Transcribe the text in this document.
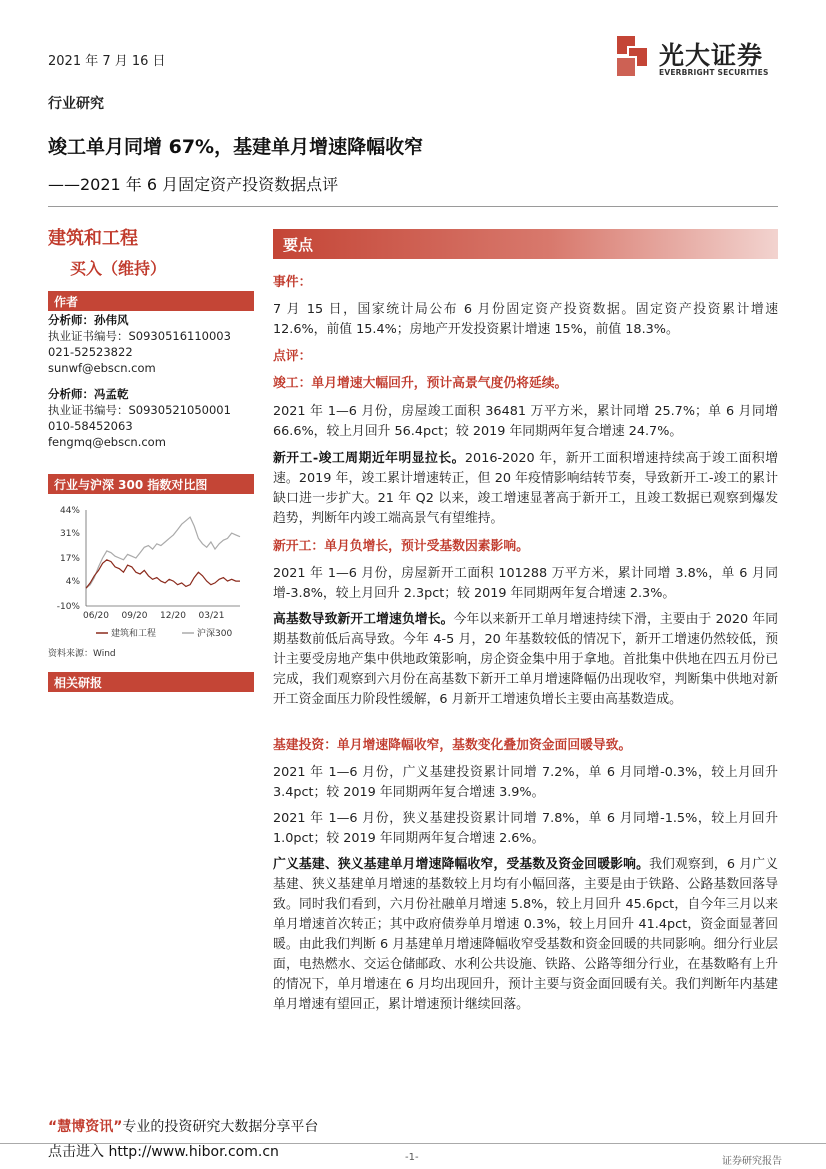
2021 年 7 月 16 日	光大证券
EVERBRIGHT SECURITIES
行业研究
竣工单月同增 67%，基建单月增速降幅收窄
——2021 年 6 月固定资产投资数据点评
建筑和工程
买入（维持）
作者
分析师：孙伟风
执业证书编号：S0930516110003
021-52523822
sunwf@ebscn.com
分析师：冯孟乾
执业证书编号：S0930521050001
010-58452063
fengmq@ebscn.com
行业与沪深 300 指数对比图
44%
31%
17%
4%
-10%
06/20 09/20 12/20 03/21
建筑和工程	沪深300
资料来源：Wind
相关研报
要点
事件：
7 月 15 日，国家统计局公布 6 月份固定资产投资数据。固定资产投资累计增速 12.6%，前值 15.4%；房地产开发投资累计增速 15%，前值 18.3%。
点评：
竣工：单月增速大幅回升，预计高景气度仍将延续。
2021 年 1—6 月份，房屋竣工面积 36481 万平方米，累计同增 25.7%；单 6 月同增 66.6%，较上月回升 56.4pct；较 2019 年同期两年复合增速 24.7%。
新开工-竣工周期近年明显拉长。2016-2020 年，新开工面积增速持续高于竣工面积增速。2019 年，竣工累计增速转正，但 20 年疫情影响结转节奏，导致新开工-竣工的累计缺口进一步扩大。21 年 Q2 以来，竣工增速显著高于新开工，且竣工数据已观察到爆发趋势，判断年内竣工端高景气有望维持。
新开工：单月负增长，预计受基数因素影响。
2021 年 1—6 月份，房屋新开工面积 101288 万平方米，累计同增 3.8%，单 6 月同增-3.8%，较上月回升 2.3pct；较 2019 年同期两年复合增速 2.3%。
高基数导致新开工增速负增长。今年以来新开工单月增速持续下滑，主要由于 2020 年同期基数前低后高导致。今年 4-5 月，20 年基数较低的情况下，新开工增速仍然较低，预计主要受房地产集中供地政策影响，房企资金集中用于拿地。首批集中供地在四五月份已完成，我们观察到六月份在高基数下新开工单月增速降幅仍出现收窄，判断集中供地对新开工资金面压力阶段性缓解，6 月新开工增速负增长主要由高基数造成。
基建投资：单月增速降幅收窄，基数变化叠加资金面回暖导致。
2021 年 1—6 月份，广义基建投资累计同增 7.2%，单 6 月同增-0.3%，较上月回升 3.4pct；较 2019 年同期两年复合增速 3.9%。
2021 年 1—6 月份，狭义基建投资累计同增 7.8%，单 6 月同增-1.5%，较上月回升 1.0pct；较 2019 年同期两年复合增速 2.6%。
广义基建、狭义基建单月增速降幅收窄，受基数及资金回暖影响。我们观察到，6 月广义基建、狭义基建单月增速的基数较上月均有小幅回落，主要是由于铁路、公路基数回落导致。同时我们看到，六月份社融单月增速 5.8%，较上月回升 45.6pct，自今年三月以来单月增速首次转正；其中政府债券单月增速 0.3%，较上月回升 41.4pct，资金面显著回暖。由此我们判断 6 月基建单月增速降幅收窄受基数和资金回暖的共同影响。细分行业层面，电热燃水、交运仓储邮政、水利公共设施、铁路、公路等细分行业，在基数略有上升的情况下，单月增速在 6 月均出现回升，预计主要与资金面回暖有关。我们判断年内基建单月增速有望回正，累计增速预计继续回落。
“慧博资讯”专业的投资研究大数据分享平台
点击进入 http://www.hibor.com.cn	-1-	证券研究报告
